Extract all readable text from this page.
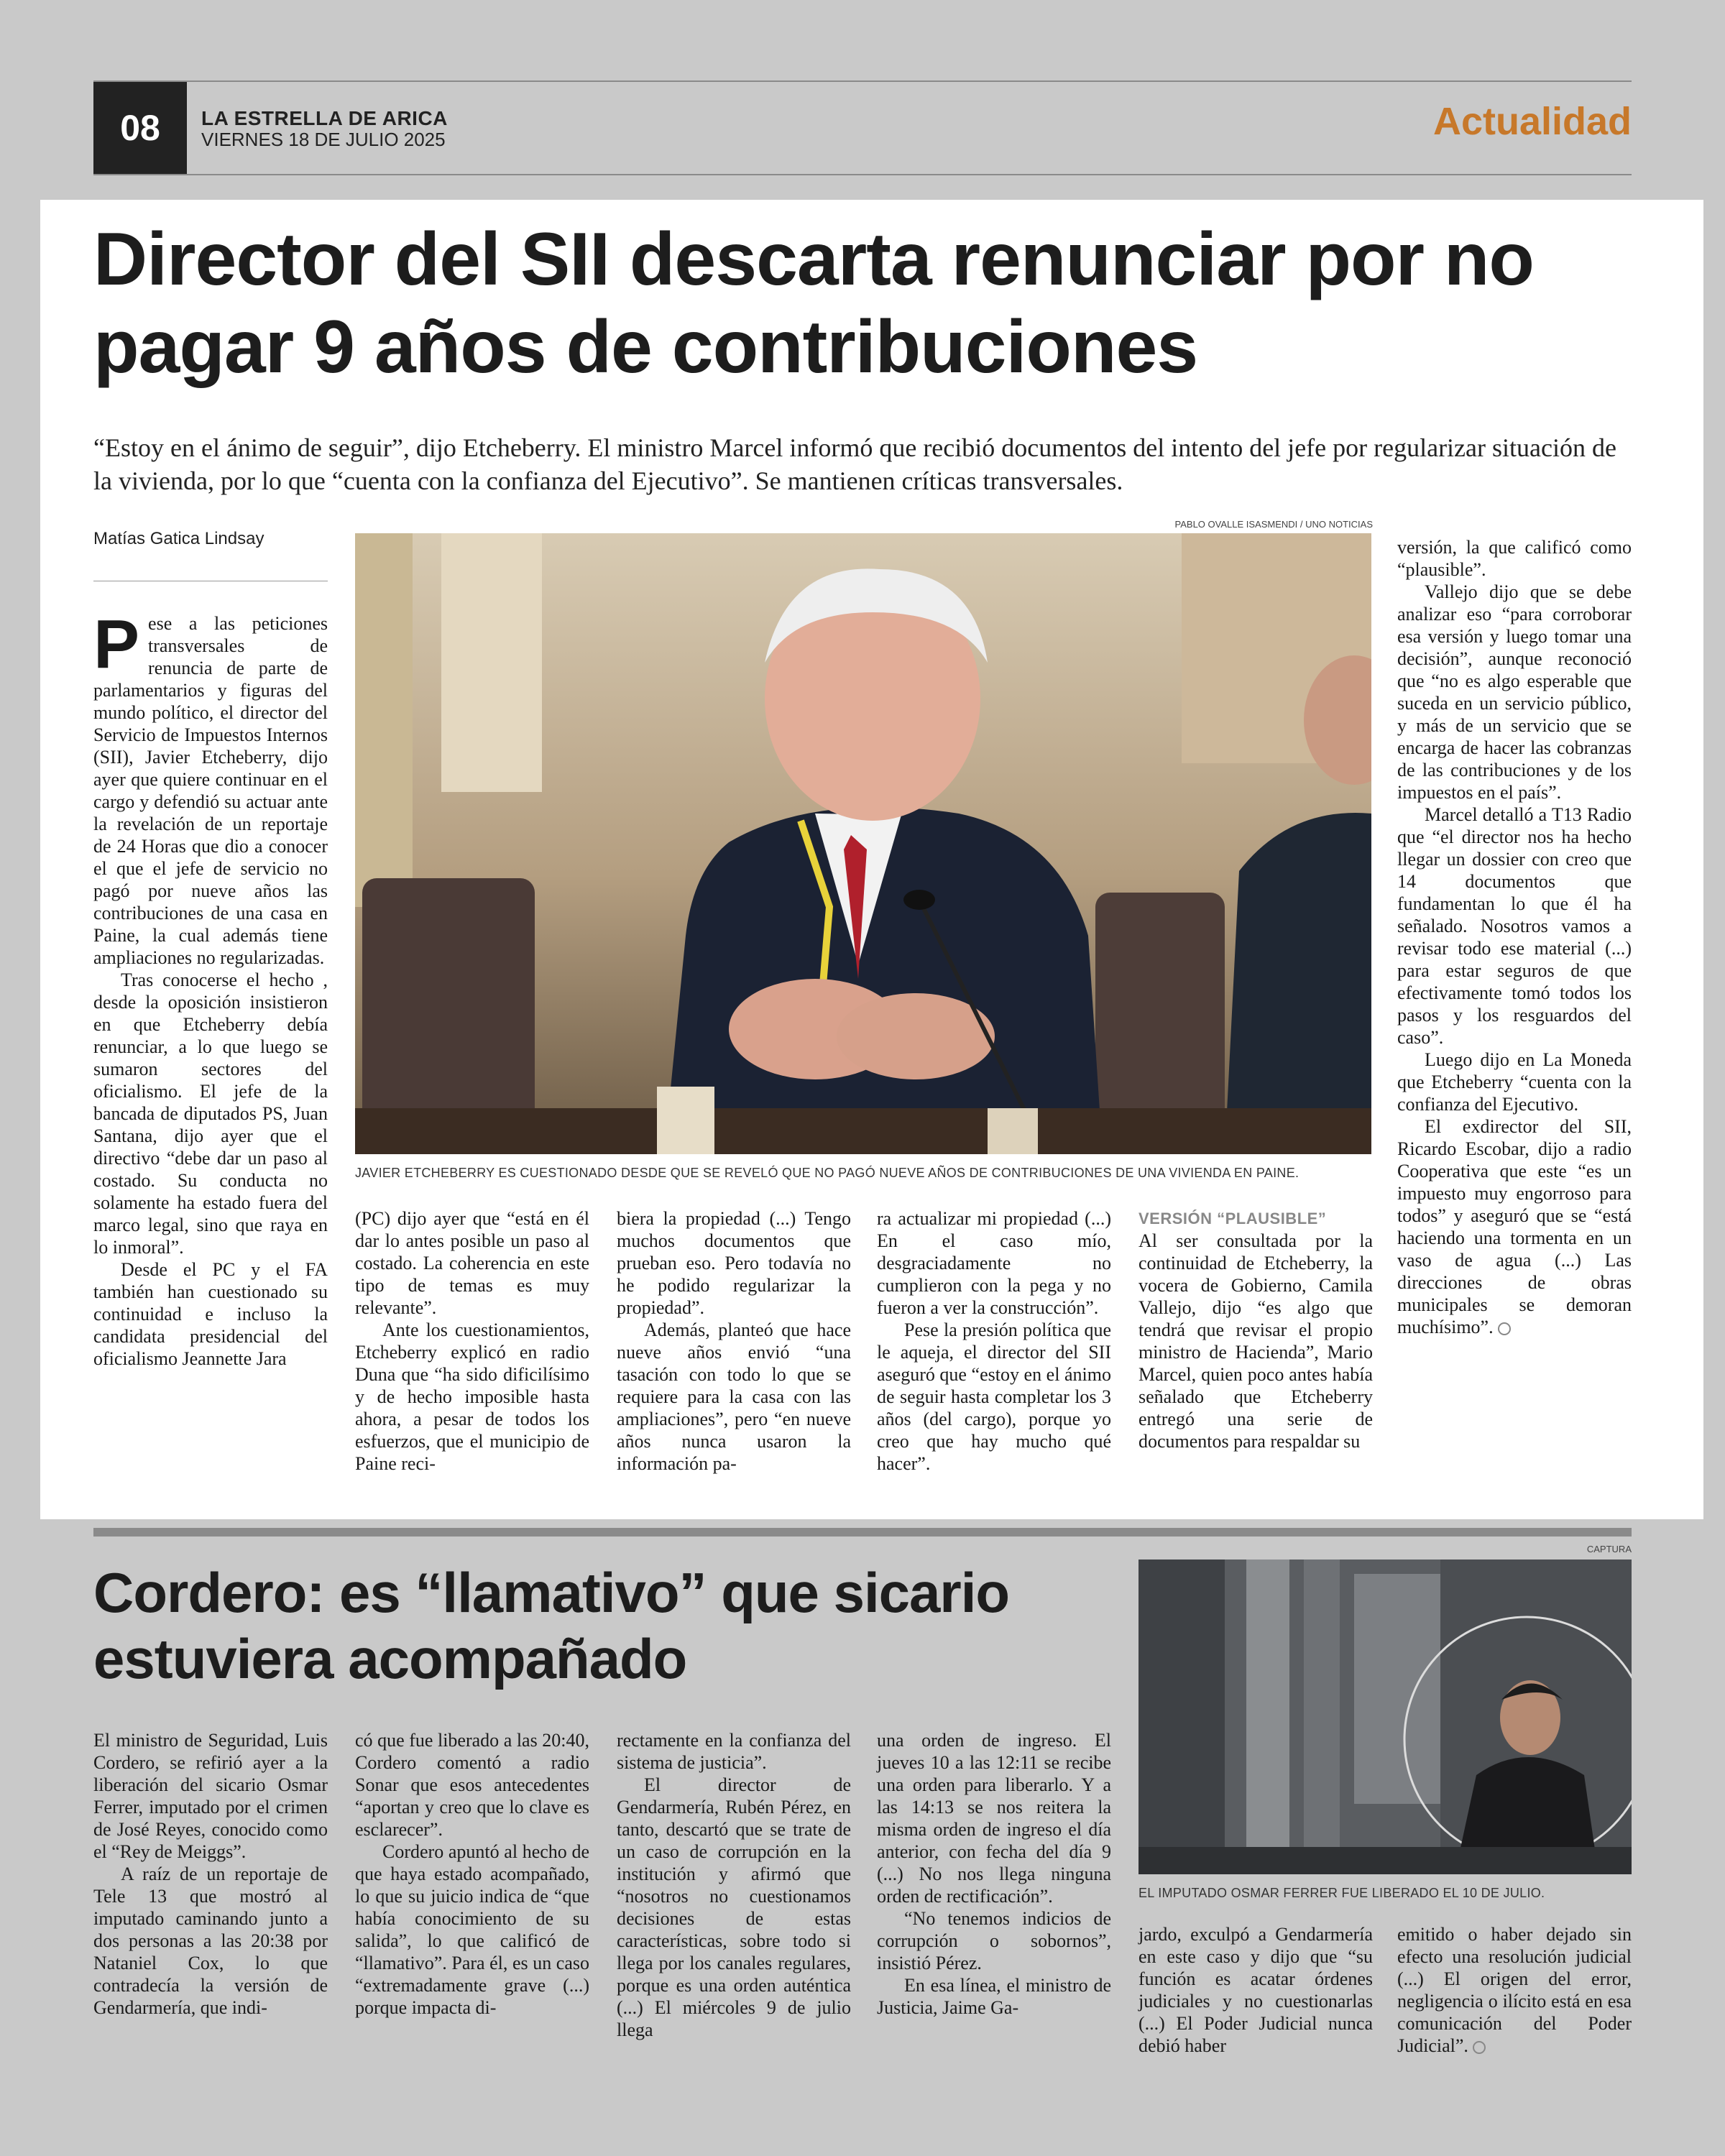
08	LA ESTRELLA DE ARICA
VIERNES 18 DE JULIO 2025	Actualidad
Director del SII descarta renunciar por no pagar 9 años de contribuciones

“Estoy en el ánimo de seguir”, dijo Etcheberry. El ministro Marcel informó que recibió documentos del intento del jefe por regularizar situación de la vivienda, por lo que “cuenta con la confianza del Ejecutivo”. Se mantienen críticas transversales.

Matías Gatica Lindsay
PABLO OVALLE ISASMENDI / UNO NOTICIAS
JAVIER ETCHEBERRY ES CUESTIONADO DESDE QUE SE REVELÓ QUE NO PAGÓ NUEVE AÑOS DE CONTRIBUCIONES DE UNA VIVIENDA EN PAINE.

Pese a las peticiones transversales de renuncia de parte de parlamentarios y figuras del mundo político, el director del Servicio de Impuestos Internos (SII), Javier Etcheberry, dijo ayer que quiere continuar en el cargo y defendió su actuar ante la revelación de un reportaje de 24 Horas que dio a conocer el que el jefe de servicio no pagó por nueve años las contribuciones de una casa en Paine, la cual además tiene ampliaciones no regularizadas.

Tras conocerse el hecho , desde la oposición insistieron en que Etcheberry debía renunciar, a lo que luego se sumaron sectores del oficialismo. El jefe de la bancada de diputados PS, Juan Santana, dijo ayer que el directivo “debe dar un paso al costado. Su conducta no solamente ha estado fuera del marco legal, sino que raya en lo inmoral”.

Desde el PC y el FA también han cuestionado su continuidad e incluso la candidata presidencial del oficialismo Jeannette Jara

(PC) dijo ayer que “está en él dar lo antes posible un paso al costado. La coherencia en este tipo de temas es muy relevante”.

Ante los cuestionamientos, Etcheberry explicó en radio Duna que “ha sido dificilísimo y de hecho imposible hasta ahora, a pesar de todos los esfuerzos, que el municipio de Paine reci-

biera la propiedad (...) Tengo muchos documentos que prueban eso. Pero todavía no he podido regularizar la propiedad”.

Además, planteó que hace nueve años envió “una tasación con todo lo que se requiere para la casa con las ampliaciones”, pero “en nueve años nunca usaron la información pa-

ra actualizar mi propiedad (...) En el caso mío, desgraciadamente no cumplieron con la pega y no fueron a ver la construcción”.

Pese la presión política que le aqueja, el director del SII aseguró que “estoy en el ánimo de seguir hasta completar los 3 años (del cargo), porque yo creo que hay mucho qué hacer”.

VERSIÓN “PLAUSIBLE”

Al ser consultada por la continuidad de Etcheberry, la vocera de Gobierno, Camila Vallejo, dijo “es algo que tendrá que revisar el propio ministro de Hacienda”, Mario Marcel, quien poco antes había señalado que Etcheberry entregó una serie de documentos para respaldar su

versión, la que calificó como “plausible”.

Vallejo dijo que se debe analizar eso “para corroborar esa versión y luego tomar una decisión”, aunque reconoció que “no es algo esperable que suceda en un servicio público, y más de un servicio que se encarga de hacer las cobranzas de las contribuciones y de los impuestos en el país”.

Marcel detalló a T13 Radio que “el director nos ha hecho llegar un dossier con creo que 14 documentos que fundamentan lo que él ha señalado. Nosotros vamos a revisar todo ese material (...) para estar seguros de que efectivamente tomó todos los pasos y los resguardos del caso”.

Luego dijo en La Moneda que Etcheberry “cuenta con la confianza del Ejecutivo.

El exdirector del SII, Ricardo Escobar, dijo a radio Cooperativa que este “es un impuesto muy engorroso para todos” y aseguró que se “está haciendo una tormenta en un vaso de agua (...) Las direcciones de obras municipales se demoran muchísimo”.

Cordero: es “llamativo” que sicario estuviera acompañado
CAPTURA
EL IMPUTADO OSMAR FERRER FUE LIBERADO EL 10 DE JULIO.

El ministro de Seguridad, Luis Cordero, se refirió ayer a la liberación del sicario Osmar Ferrer, imputado por el crimen de José Reyes, conocido como el “Rey de Meiggs”.

A raíz de un reportaje de Tele 13 que mostró al imputado caminando junto a dos personas a las 20:38 por Nataniel Cox, lo que contradecía la versión de Gendarmería, que indi-

có que fue liberado a las 20:40, Cordero comentó a radio Sonar que esos antecedentes “aportan y creo que lo clave es esclarecer”.

Cordero apuntó al hecho de que haya estado acompañado, lo que su juicio indica de “que había conocimiento de su salida”, lo que calificó de “llamativo”. Para él, es un caso “extremadamente grave (...) porque impacta di-

rectamente en la confianza del sistema de justicia”.

El director de Gendarmería, Rubén Pérez, en tanto, descartó que se trate de un caso de corrupción en la institución y afirmó que “nosotros no cuestionamos decisiones de estas características, sobre todo si llega por los canales regulares, porque es una orden auténtica (...) El miércoles 9 de julio llega

una orden de ingreso. El jueves 10 a las 12:11 se recibe una orden para liberarlo. Y a las 14:13 se nos reitera la misma orden de ingreso el día anterior, con fecha del día 9 (...) No nos llega ninguna orden de rectificación”.

“No tenemos indicios de corrupción o sobornos”, insistió Pérez.

En esa línea, el ministro de Justicia, Jaime Ga-

jardo, exculpó a Gendarmería en este caso y dijo que “su función es acatar órdenes judiciales y no cuestionarlas (...) El Poder Judicial nunca debió haber

emitido o haber dejado sin efecto una resolución judicial (...) El origen del error, negligencia o ilícito está en esa comunicación del Poder Judicial”.
